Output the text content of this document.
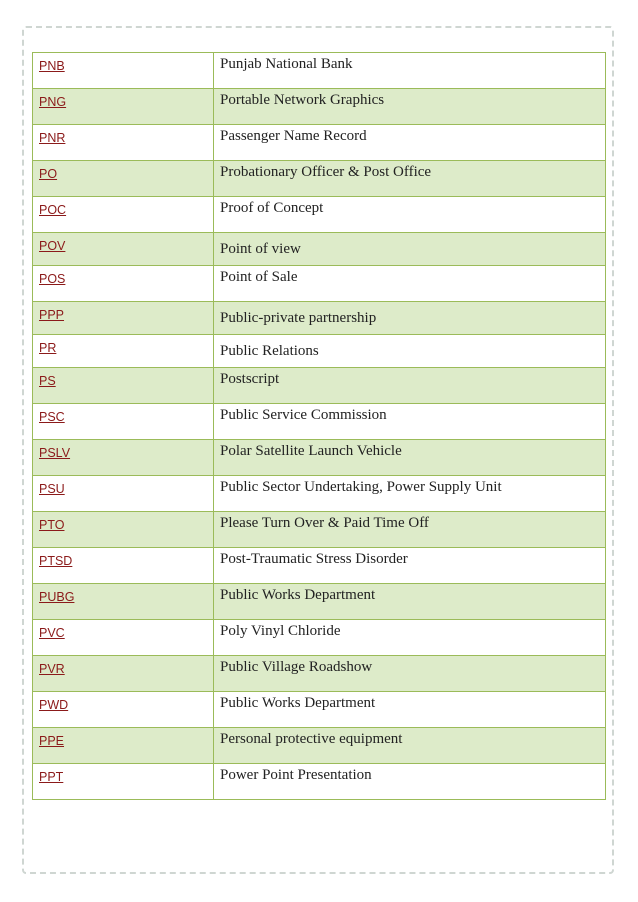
PNB	Punjab National Bank
PNG	Portable Network Graphics
PNR	Passenger Name Record
PO	Probationary Officer & Post Office
POC	Proof of Concept
POV	Point of view
POS	Point of Sale
PPP	Public-private partnership
PR	Public Relations
PS	Postscript
PSC	Public Service Commission
PSLV	Polar Satellite Launch Vehicle
PSU	Public Sector Undertaking, Power Supply Unit
PTO	Please Turn Over & Paid Time Off
PTSD	Post-Traumatic Stress Disorder
PUBG	Public Works Department
PVC	Poly Vinyl Chloride
PVR	Public Village Roadshow
PWD	Public Works Department
PPE	Personal protective equipment
PPT	Power Point Presentation
